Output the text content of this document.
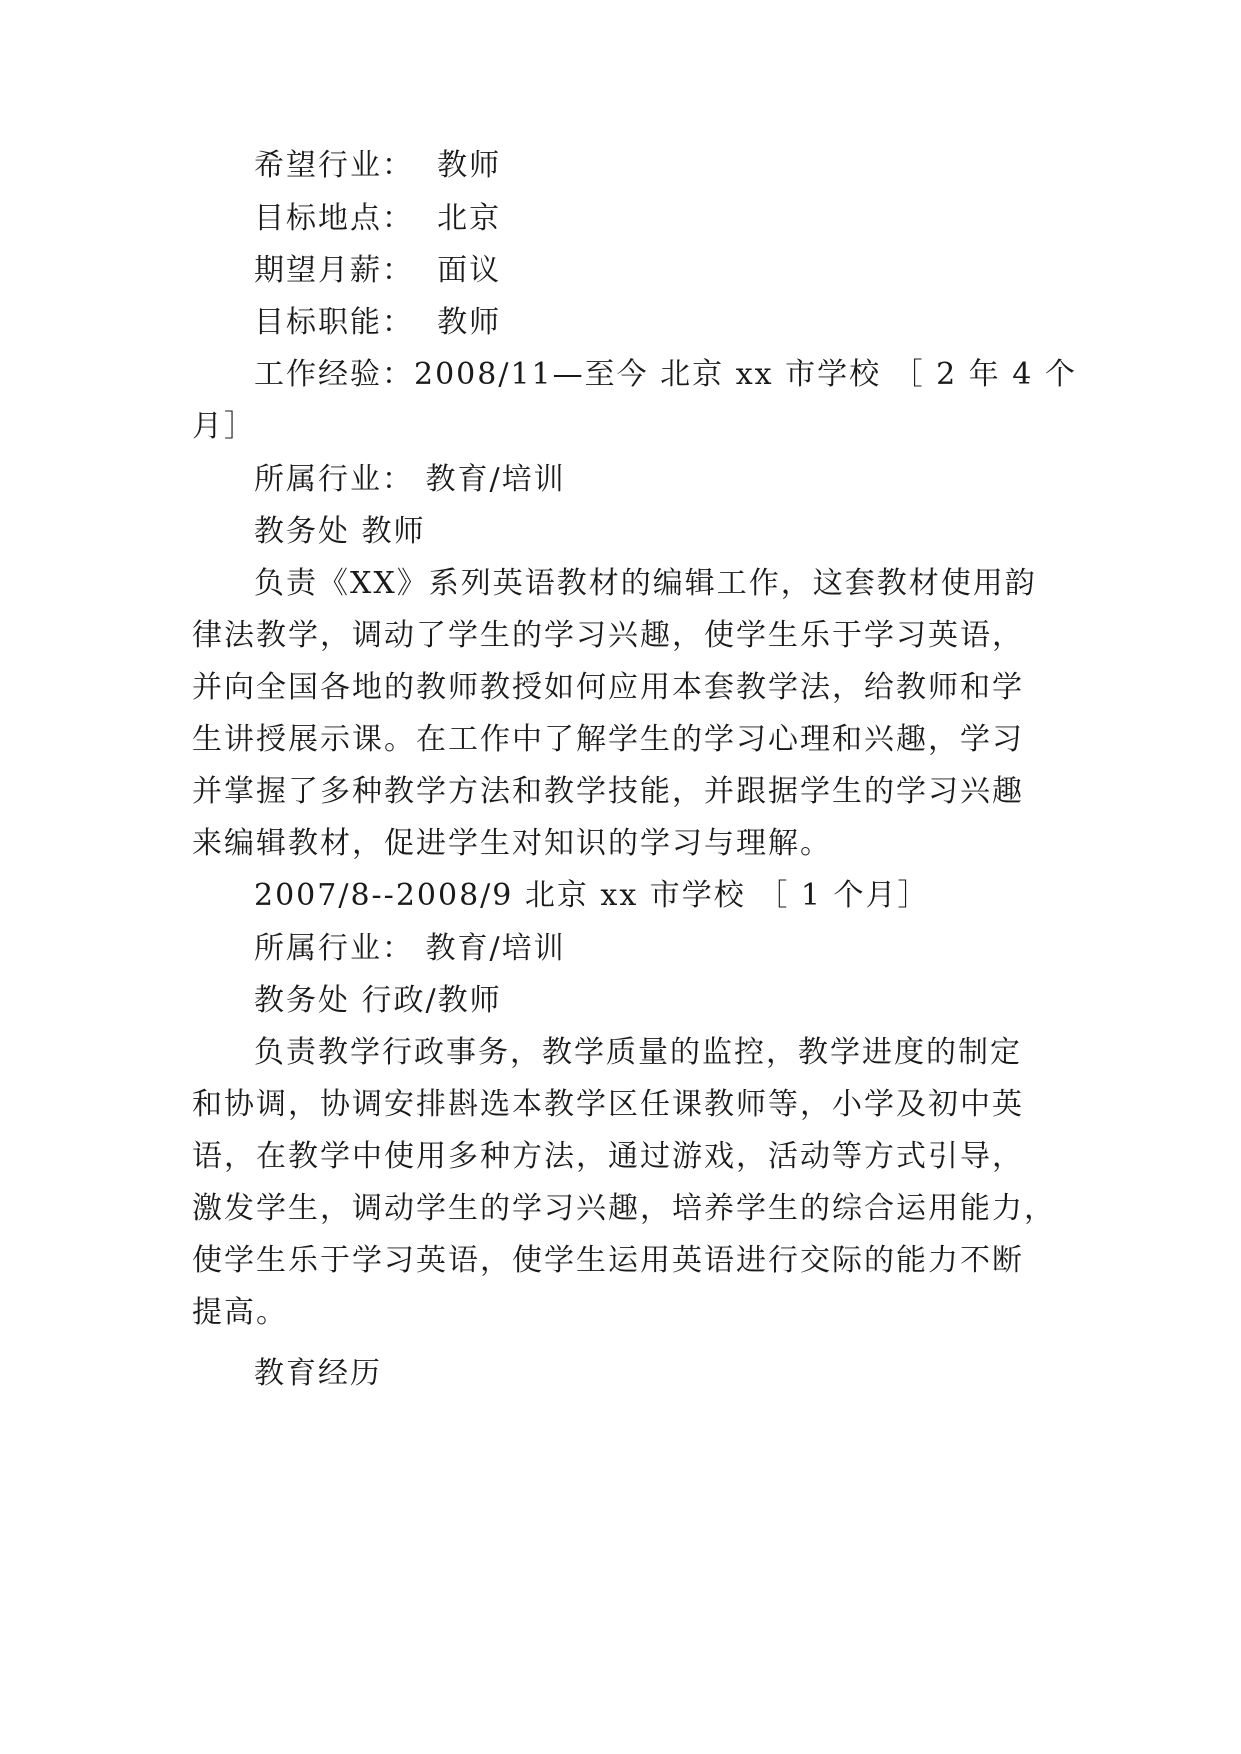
希望行业： 教师
目标地点： 北京
期望月薪： 面议
目标职能： 教师
工作经验：2008/11—至今 北京 xx 市学校 ［ 2 年 4 个
月］
所属行业： 教育/培训
教务处 教师
负责《XX》系列英语教材的编辑工作，这套教材使用韵
律法教学，调动了学生的学习兴趣，使学生乐于学习英语，
并向全国各地的教师教授如何应用本套教学法，给教师和学
生讲授展示课。在工作中了解学生的学习心理和兴趣，学习
并掌握了多种教学方法和教学技能，并跟据学生的学习兴趣
来编辑教材，促进学生对知识的学习与理解。
2007/8--2008/9 北京 xx 市学校 ［ 1 个月］
所属行业： 教育/培训
教务处 行政/教师
负责教学行政事务，教学质量的监控，教学进度的制定
和协调，协调安排斟选本教学区任课教师等，小学及初中英
语，在教学中使用多种方法，通过游戏，活动等方式引导，
激发学生，调动学生的学习兴趣，培养学生的综合运用能力，
使学生乐于学习英语，使学生运用英语进行交际的能力不断
提高。
教育经历
